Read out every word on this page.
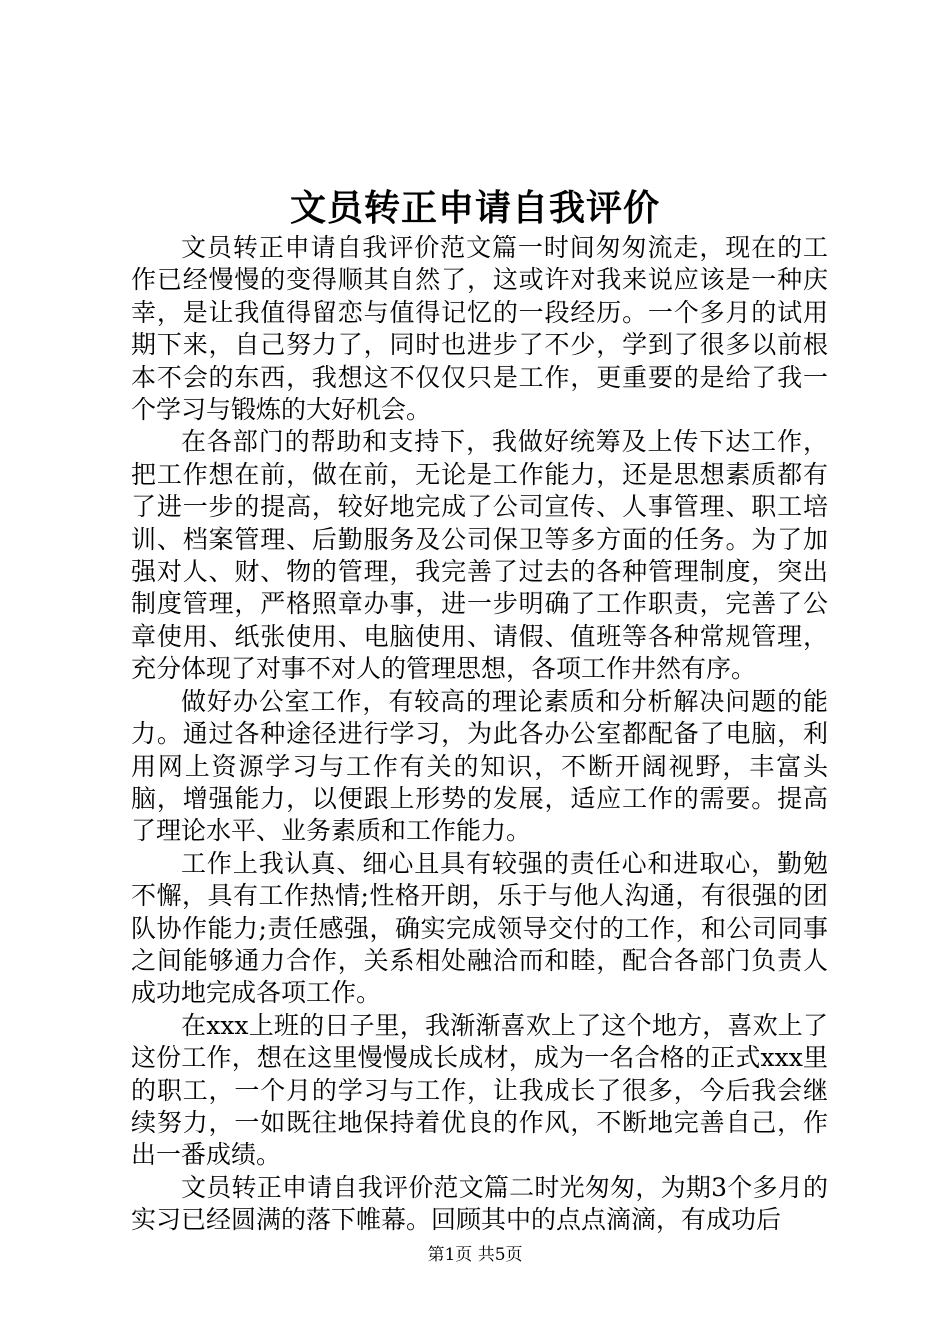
文员转正申请自我评价

文员转正申请自我评价范文篇一时间匆匆流走，现在的工作已经慢慢的变得顺其自然了，这或许对我来说应该是一种庆幸，是让我值得留恋与值得记忆的一段经历。一个多月的试用期下来，自己努力了，同时也进步了不少，学到了很多以前根本不会的东西，我想这不仅仅只是工作，更重要的是给了我一个学习与锻炼的大好机会。

在各部门的帮助和支持下，我做好统筹及上传下达工作，把工作想在前，做在前，无论是工作能力，还是思想素质都有了进一步的提高，较好地完成了公司宣传、人事管理、职工培训、档案管理、后勤服务及公司保卫等多方面的任务。为了加强对人、财、物的管理，我完善了过去的各种管理制度，突出制度管理，严格照章办事，进一步明确了工作职责，完善了公章使用、纸张使用、电脑使用、请假、值班等各种常规管理，充分体现了对事不对人的管理思想，各项工作井然有序。

做好办公室工作，有较高的理论素质和分析解决问题的能力。通过各种途径进行学习，为此各办公室都配备了电脑，利用网上资源学习与工作有关的知识，不断开阔视野，丰富头脑，增强能力，以便跟上形势的发展，适应工作的需要。提高了理论水平、业务素质和工作能力。

工作上我认真、细心且具有较强的责任心和进取心，勤勉不懈，具有工作热情;性格开朗，乐于与他人沟通，有很强的团队协作能力;责任感强，确实完成领导交付的工作，和公司同事之间能够通力合作，关系相处融洽而和睦，配合各部门负责人成功地完成各项工作。

在xxx上班的日子里，我渐渐喜欢上了这个地方，喜欢上了这份工作，想在这里慢慢成长成材，成为一名合格的正式xxx里的职工，一个月的学习与工作，让我成长了很多，今后我会继续努力，一如既往地保持着优良的作风，不断地完善自己，作出一番成绩。

文员转正申请自我评价范文篇二时光匆匆，为期3个多月的实习已经圆满的落下帷幕。回顾其中的点点滴滴，有成功后

第1页 共5页
